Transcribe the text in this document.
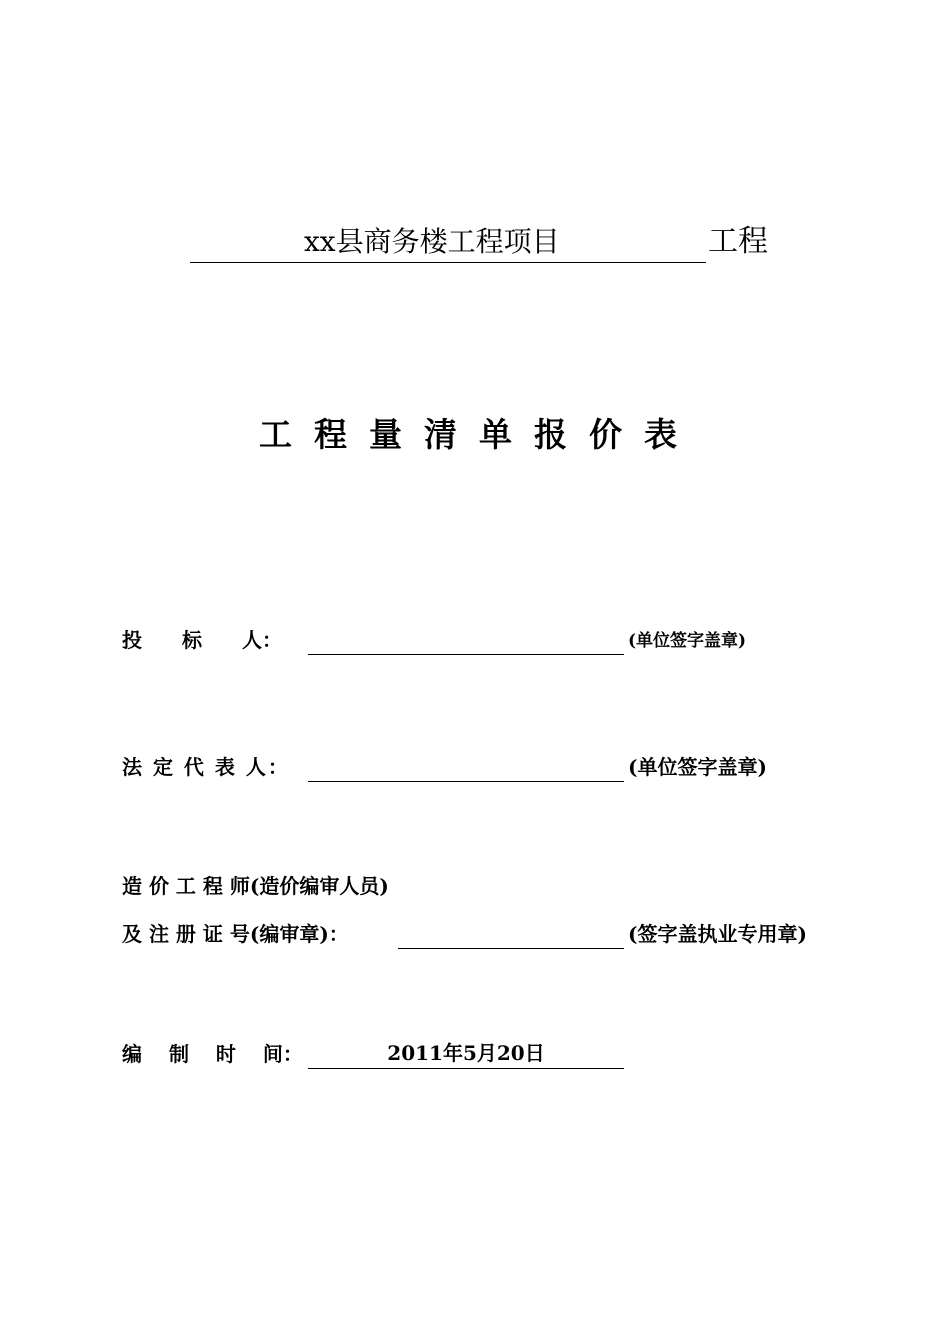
xx县商务楼工程项目	工程
工程量清单报价表
投　　标　　人：	(单位签字盖章)
法 定 代 表 人：	(单位签字盖章)
造 价 工 程 师(造价编审人员)
及 注 册 证 号(编审章)：	(签字盖执业专用章)
编　 制　 时　 间：	2011年5月20日
